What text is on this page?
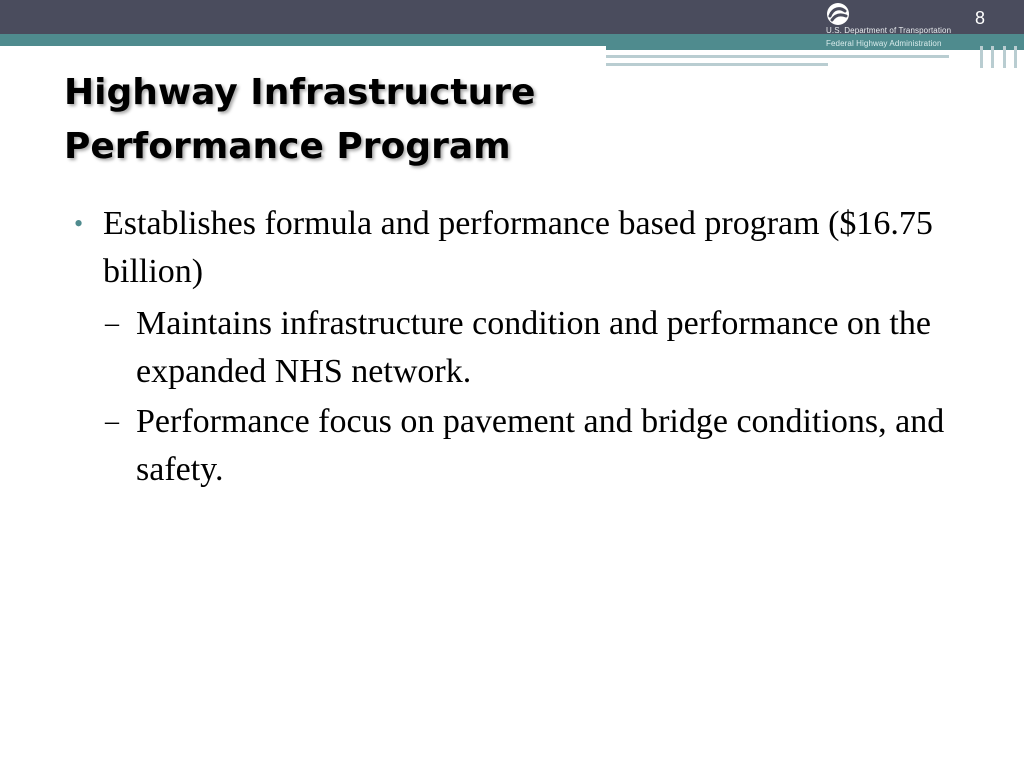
U.S. Department of Transportation
Federal Highway Administration
8
Highway Infrastructure
Performance Program
• Establishes formula and performance based program ($16.75 billion)
– Maintains infrastructure condition and performance on the expanded NHS network.
– Performance focus on pavement and bridge conditions, and safety.
